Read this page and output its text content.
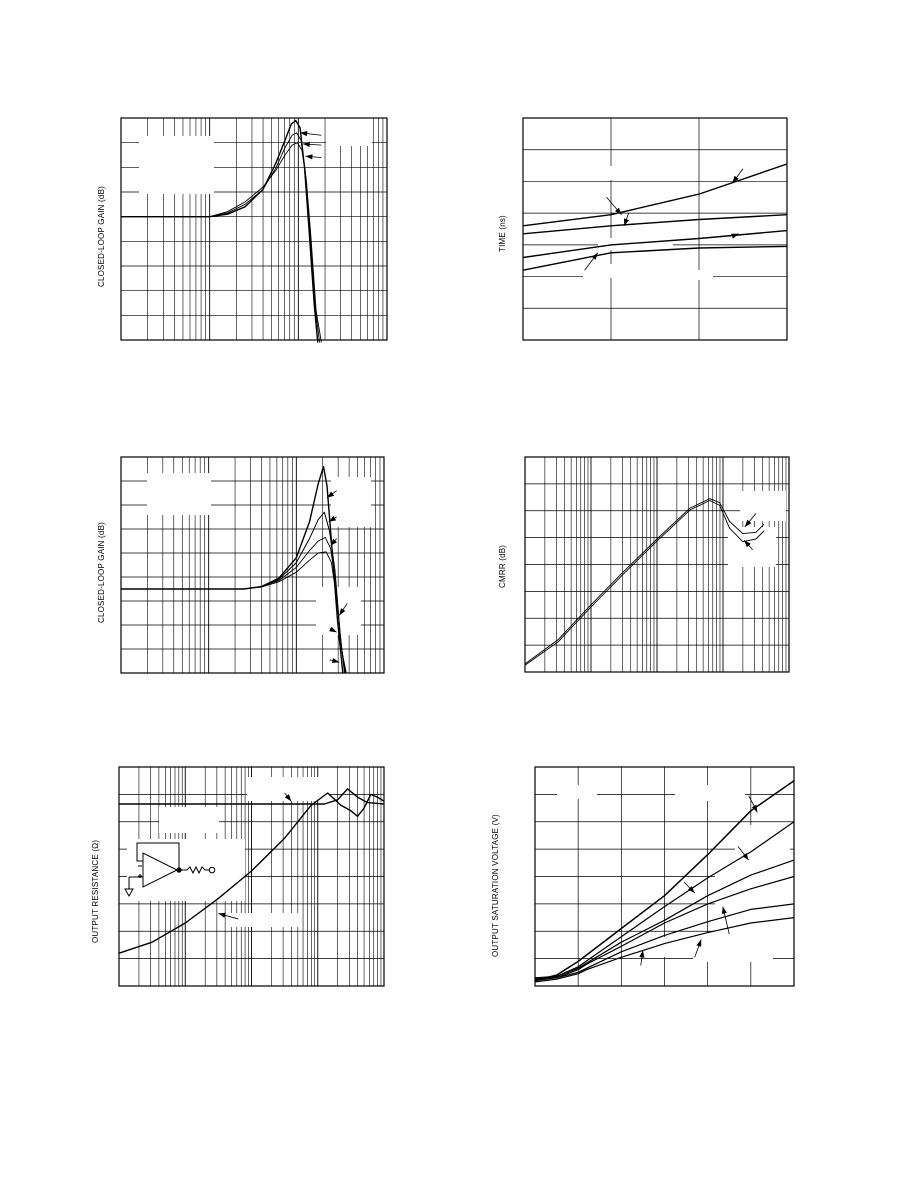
CLOSED-LOOP GAIN (dB)	TIME (ns)
CLOSED-LOOP GAIN (dB)	CMRR (dB)
OUTPUT RESISTANCE (Ω)	OUTPUT SATURATION VOLTAGE (V)
